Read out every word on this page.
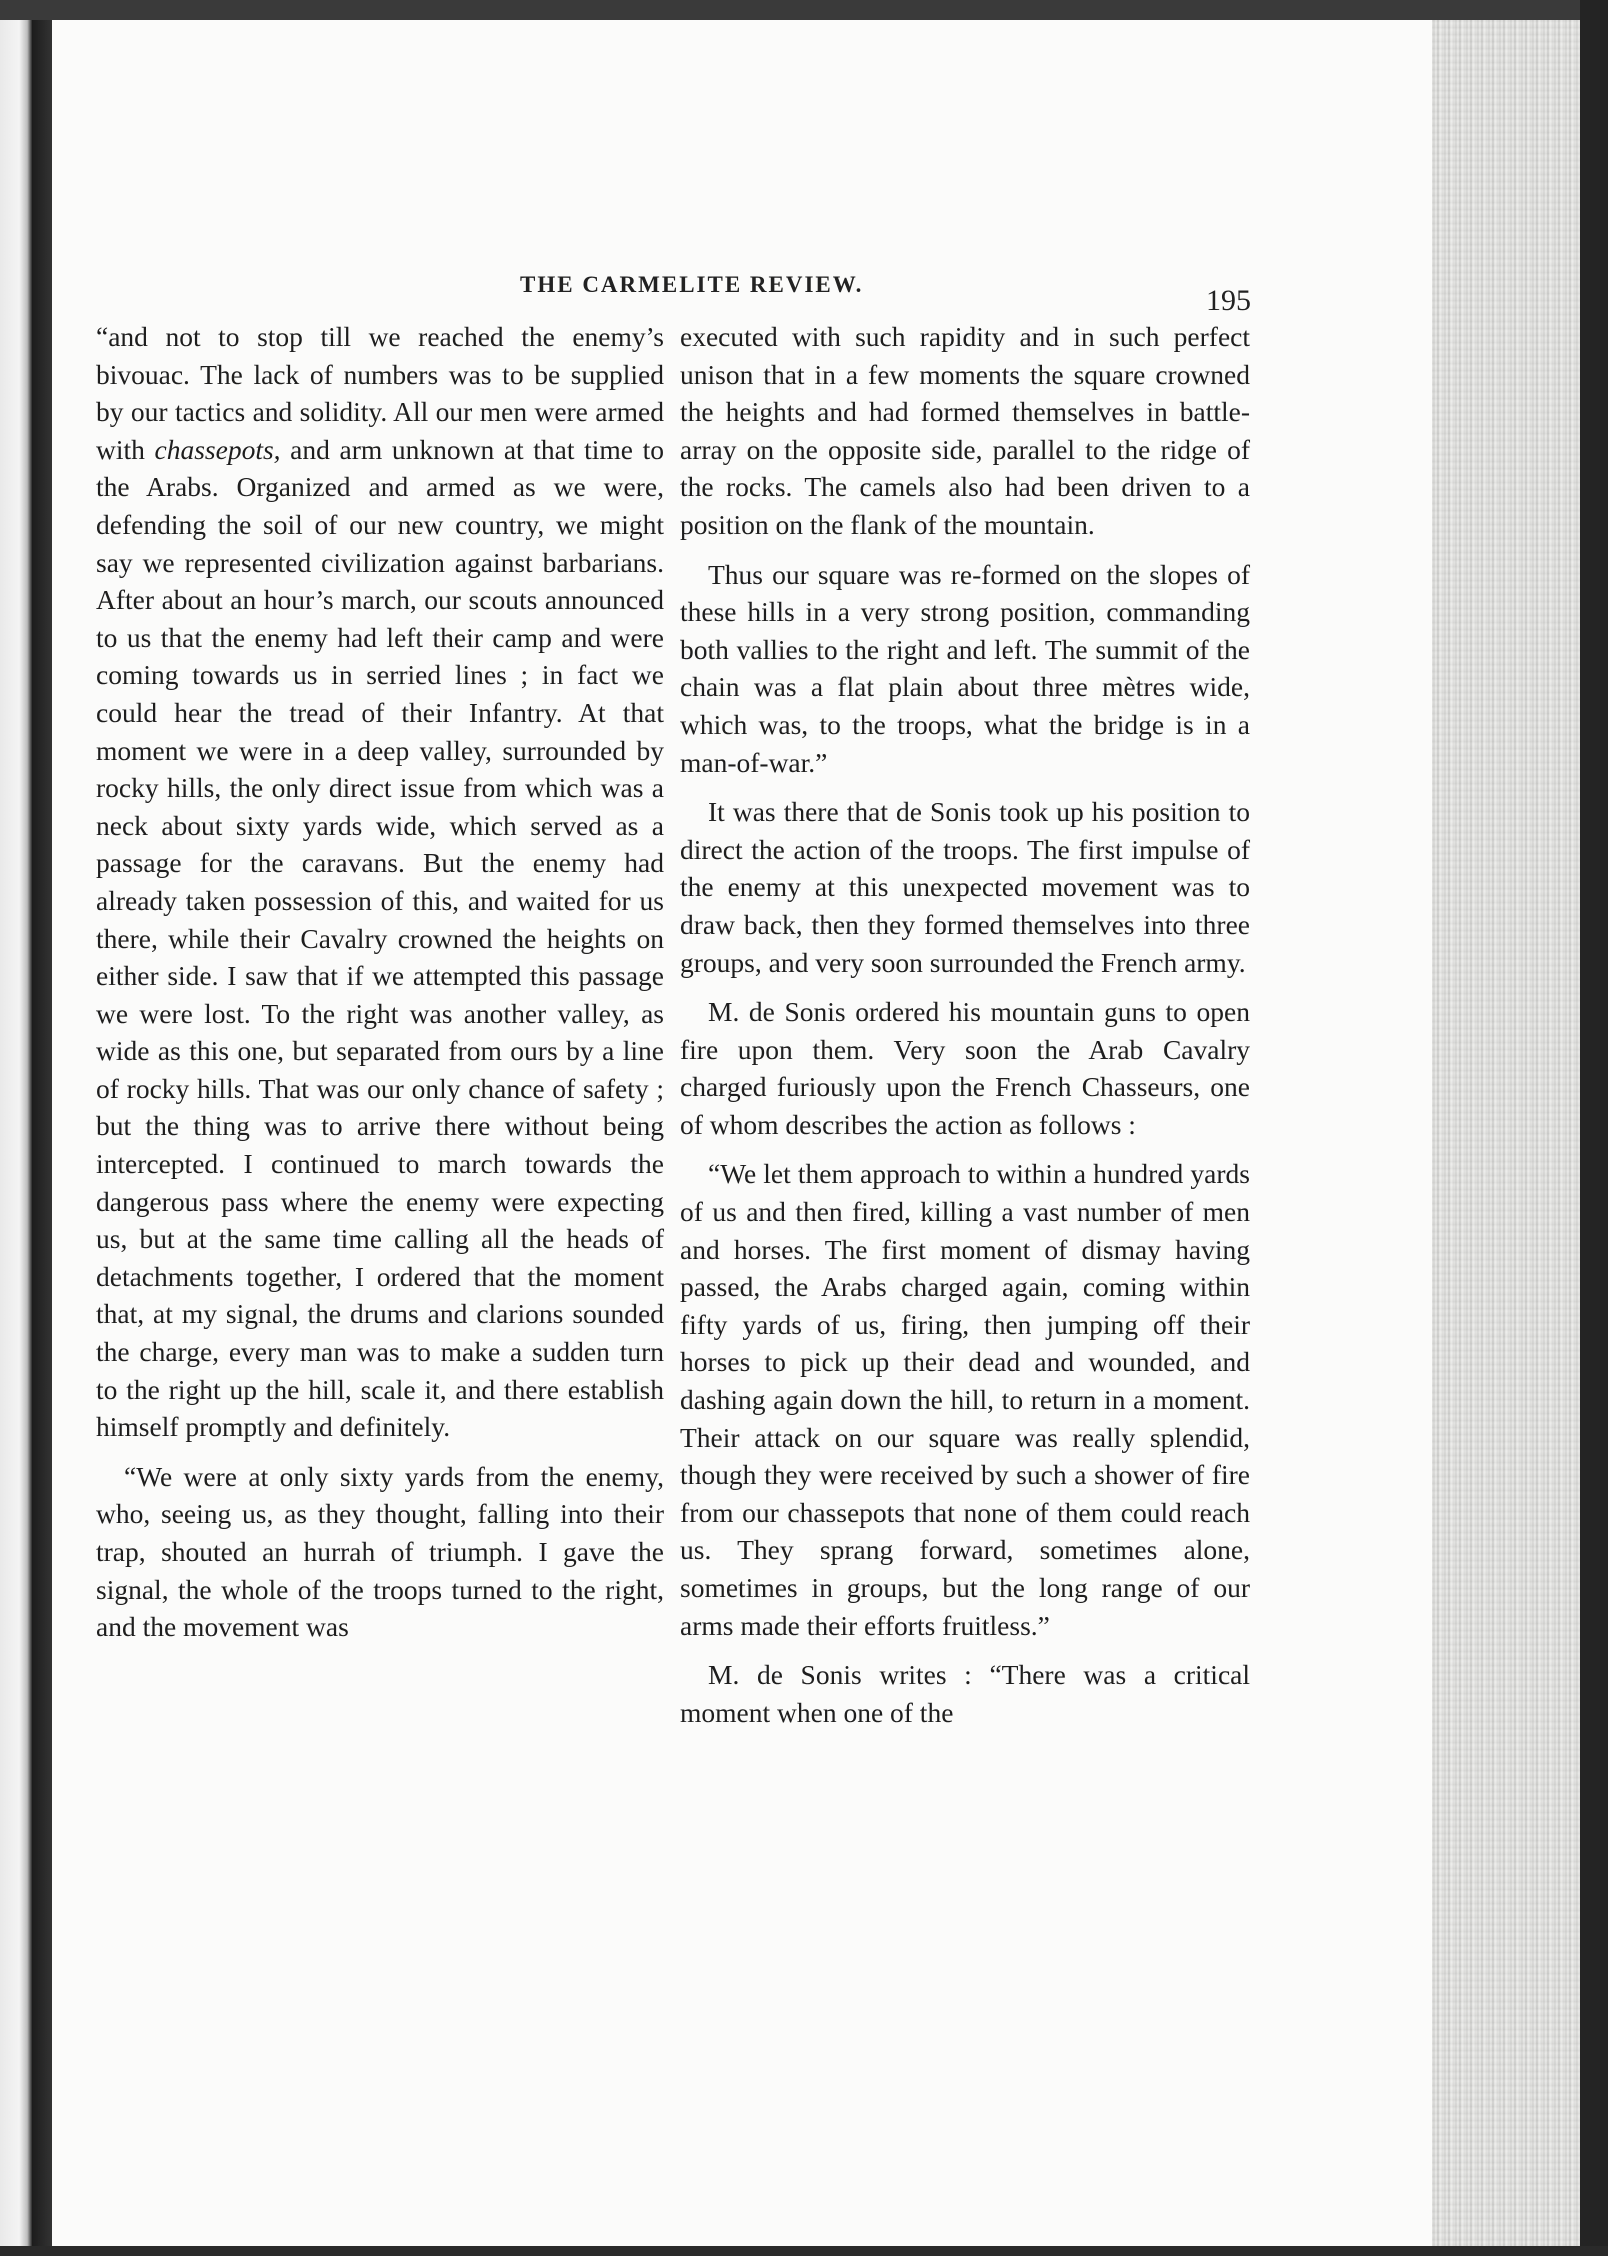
THE CARMELITE REVIEW.	195

“and not to stop till we reached the enemy’s bivouac. The lack of numbers was to be supplied by our tactics and solidity. All our men were armed with chassepots, and arm unknown at that time to the Arabs. Organized and armed as we were, defending the soil of our new country, we might say we represented civilization against barbarians. After about an hour’s march, our scouts announced to us that the enemy had left their camp and were coming towards us in serried lines ; in fact we could hear the tread of their Infantry. At that moment we were in a deep valley, surrounded by rocky hills, the only direct issue from which was a neck about sixty yards wide, which served as a passage for the caravans. But the enemy had already taken possession of this, and waited for us there, while their Cavalry crowned the heights on either side. I saw that if we attempted this passage we were lost. To the right was another valley, as wide as this one, but separated from ours by a line of rocky hills. That was our only chance of safety ; but the thing was to arrive there without being intercepted. I continued to march towards the dangerous pass where the enemy were expecting us, but at the same time calling all the heads of detachments together, I ordered that the moment that, at my signal, the drums and clarions sounded the charge, every man was to make a sudden turn to the right up the hill, scale it, and there establish himself promptly and definitely.

“We were at only sixty yards from the enemy, who, seeing us, as they thought, falling into their trap, shouted an hurrah of triumph. I gave the signal, the whole of the troops turned to the right, and the movement was

executed with such rapidity and in such perfect unison that in a few moments the square crowned the heights and had formed themselves in battle-array on the opposite side, parallel to the ridge of the rocks. The camels also had been driven to a position on the flank of the mountain.

Thus our square was re-formed on the slopes of these hills in a very strong position, commanding both vallies to the right and left. The summit of the chain was a flat plain about three mètres wide, which was, to the troops, what the bridge is in a man-of-war.”

It was there that de Sonis took up his position to direct the action of the troops. The first impulse of the enemy at this unexpected movement was to draw back, then they formed themselves into three groups, and very soon surrounded the French army.

M. de Sonis ordered his mountain guns to open fire upon them. Very soon the Arab Cavalry charged furiously upon the French Chasseurs, one of whom describes the action as follows :

“We let them approach to within a hundred yards of us and then fired, killing a vast number of men and horses. The first moment of dismay having passed, the Arabs charged again, coming within fifty yards of us, firing, then jumping off their horses to pick up their dead and wounded, and dashing again down the hill, to return in a moment. Their attack on our square was really splendid, though they were received by such a shower of fire from our chassepots that none of them could reach us. They sprang forward, sometimes alone, sometimes in groups, but the long range of our arms made their efforts fruitless.”

M. de Sonis writes : “There was a critical moment when one of the
